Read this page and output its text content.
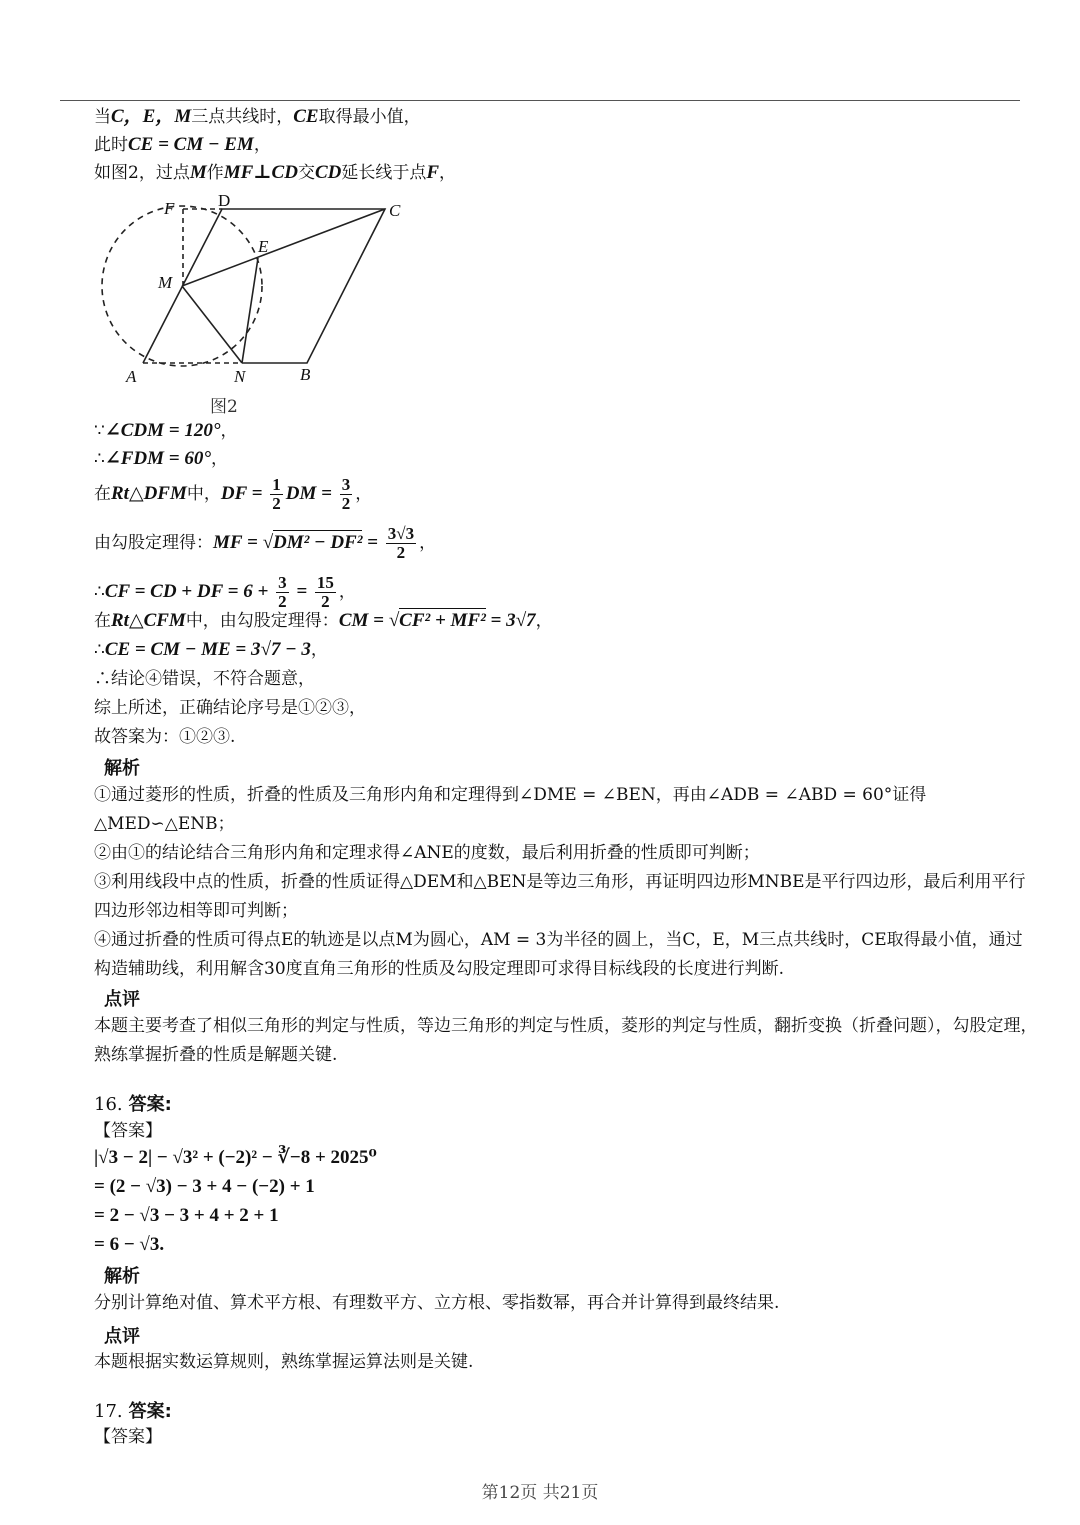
当C，E，M三点共线时，CE取得最小值，
此时CE = CM − EM，
如图2，过点M作MF⊥CD交CD延长线于点F，
A	N	B
D
C
F
M
E
图2
∵∠CDM = 120°，
∴∠FDM = 60°，
在Rt△DFM中，DF = $\frac{1}{2}$ DM = $\frac{3}{2}$ ，
由勾股定理得：MF = $√DM^2 - DF^2 = \frac{3√3}{2}$ ，
∴CF = CD + DF = $6 + \frac{3}{2} = \frac{15}{2}$ ，
在Rt△CFM中，由勾股定理得：CM = √CF² + MF² = 3√7，
∴CE = CM − ME = 3√7 − 3，
∴结论④错误，不符合题意，
综上所述，正确结论序号是①②③，
故答案为：①②③.
解析
①通过菱形的性质，折叠的性质及三角形内角和定理得到∠DME = ∠BEN，再由∠ADB = ∠ABD = 60°证得△MED∽△ENB；
②由①的结论结合三角形内角和定理求得∠ANE的度数，最后利用折叠的性质即可判断；
③利用线段中点的性质，折叠的性质证得△DEM和△BEN是等边三角形，再证明四边形MNBE是平行四边形，最后利用平行四边形邻边相等即可判断；
④通过折叠的性质可得点E的轨迹是以点M为圆心，AM = 3为半径的圆上，当C，E，M三点共线时，CE取得最小值，通过构造辅助线，利用解含30度直角三角形的性质及勾股定理即可求得目标线段的长度进行判断.
点评
本题主要考查了相似三角形的判定与性质，等边三角形的判定与性质，菱形的判定与性质，翻折变换（折叠问题），勾股定理，熟练掌握折叠的性质是解题关键.
16. 答案:
【答案】
|√3 − 2| − √3² + (−2)² − ∛−8 + 2025⁰
= (2 − √3) − 3 + 4 − (−2) + 1
= 2 − √3 − 3 + 4 + 2 + 1
= 6 − √3.
解析
分别计算绝对值、算术平方根、有理数平方、立方根、零指数幂，再合并计算得到最终结果.
点评
本题根据实数运算规则，熟练掌握运算法则是关键.
17. 答案:
【答案】
第12页 共21页
